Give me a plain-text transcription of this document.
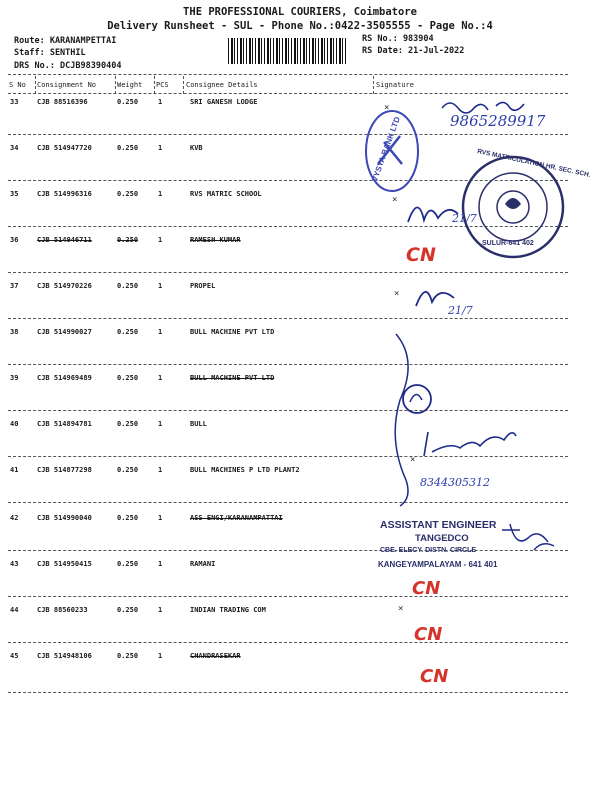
THE PROFESSIONAL COURIERS, Coimbatore
Delivery Runsheet - SUL - Phone No.:0422-3505555 - Page No.:4
Route: KARANAMPETTAI
Staff: SENTHIL
DRS No.: DCJB98390404
RS No.: 983904
RS Date: 21-Jul-2022
S No Consignment No	Weight PCS Consignee Details	Signature
33	CJB 88516396	0.250	1	SRI GANESH LODGE
34	CJB 514947720	0.250	1	KVB
35	CJB 514996316	0.250	1	RVS MATRIC SCHOOL
36	CJB 514946711	0.250	1	RAMESH KUMAR
37	CJB 514970226	0.250	1	PROPEL
38	CJB 514990027	0.250	1	BULL MACHINE PVT LTD
39	CJB 514969489	0.250	1	BULL MACHINE PVT LTD
40	CJB 514894781	0.250	1	BULL
41	CJB 514877298	0.250	1	BULL MACHINES P LTD PLANT2
42	CJB 514990040	0.250	1	ASS ENGI/KARANAMPATTAI
43	CJB 514950415	0.250	1	RAMANI
44	CJB 88560233	0.250	1	INDIAN TRADING COM
45	CJB 514948106	0.250	1	CHANDRASEKAR
VYSYA BANK LTD	RVS MATRICULATION HR. SEC. SCH.
SULUR-641 402
ASSISTANT ENGINEER
TANGEDCO
CBE. ELECY. DISTN. CIRCLE
KANGEYAMPALAYAM - 641 401
9865289917
21/7
21/7
8344305312
CN
CN
CN
CN
×
×
×
×
×
